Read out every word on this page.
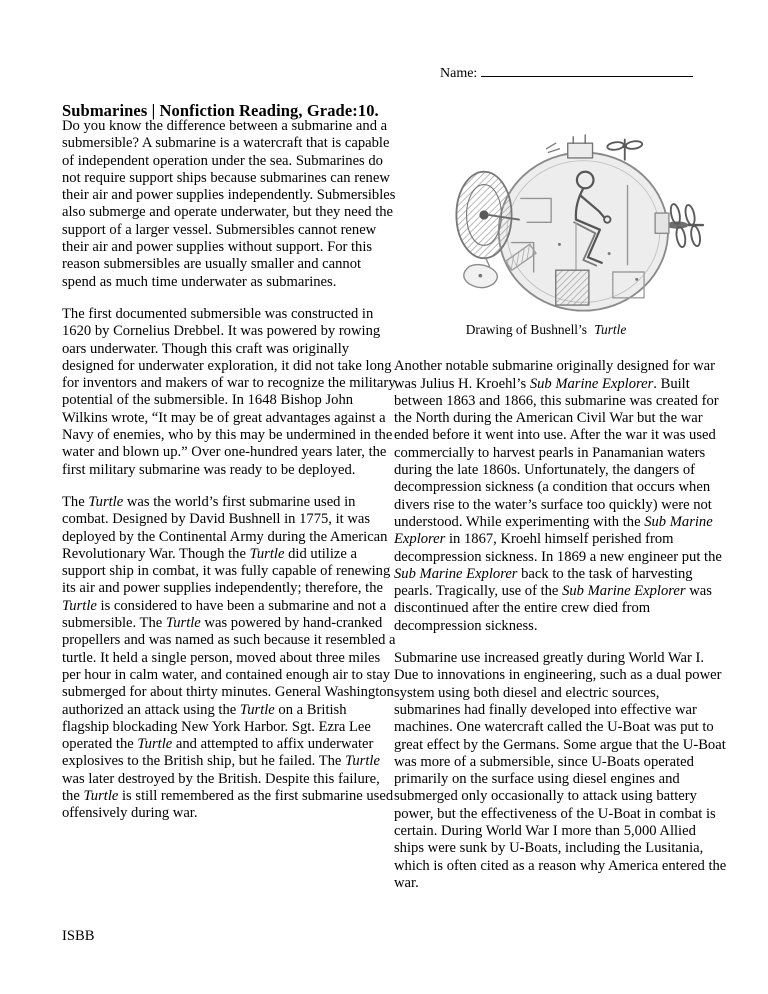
Name:
Submarines | Nonfiction Reading, Grade:10.

Do you know the difference between a submarine and a submersible? A submarine is a watercraft that is capable of independent operation under the sea. Submarines do not require support ships because submarines can renew their air and power supplies independently. Submersibles also submerge and operate underwater, but they need the support of a larger vessel. Submersibles cannot renew their air and power supplies without support. For this reason submersibles are usually smaller and cannot spend as much time underwater as submarines.

The first documented submersible was constructed in 1620 by Cornelius Drebbel. It was powered by rowing oars underwater. Though this craft was originally designed for underwater exploration, it did not take long for inventors and makers of war to recognize the military potential of the submersible. In 1648 Bishop John Wilkins wrote, “It may be of great advantages against a Navy of enemies, who by this may be undermined in the water and blown up.” Over one-hundred years later, the first military submarine was ready to be deployed.

The Turtle was the world’s first submarine used in combat. Designed by David Bushnell in 1775, it was deployed by the Continental Army during the American Revolutionary War. Though the Turtle did utilize a support ship in combat, it was fully capable of renewing its air and power supplies independently; therefore, the Turtle is considered to have been a submarine and not a submersible. The Turtle was powered by hand-cranked propellers and was named as such because it resembled a turtle. It held a single person, moved about three miles per hour in calm water, and contained enough air to stay submerged for about thirty minutes. General Washington authorized an attack using the Turtle on a British flagship blockading New York Harbor. Sgt. Ezra Lee operated the Turtle and attempted to affix underwater explosives to the British ship, but he failed. The Turtle was later destroyed by the British. Despite this failure, the Turtle is still remembered as the first submarine used offensively during war.

Drawing of Bushnell’s Turtle

Another notable submarine originally designed for war was Julius H. Kroehl’s Sub Marine Explorer. Built between 1863 and 1866, this submarine was created for the North during the American Civil War but the war ended before it went into use. After the war it was used commercially to harvest pearls in Panamanian waters during the late 1860s. Unfortunately, the dangers of decompression sickness (a condition that occurs when divers rise to the water’s surface too quickly) were not understood. While experimenting with the Sub Marine Explorer in 1867, Kroehl himself perished from decompression sickness. In 1869 a new engineer put the Sub Marine Explorer back to the task of harvesting pearls. Tragically, use of the Sub Marine Explorer was discontinued after the entire crew died from decompression sickness.

Submarine use increased greatly during World War I. Due to innovations in engineering, such as a dual power system using both diesel and electric sources, submarines had finally developed into effective war machines. One watercraft called the U-Boat was put to great effect by the Germans. Some argue that the U-Boat was more of a submersible, since U-Boats operated primarily on the surface using diesel engines and submerged only occasionally to attack using battery power, but the effectiveness of the U-Boat in combat is certain. During World War I more than 5,000 Allied ships were sunk by U-Boats, including the Lusitania, which is often cited as a reason why America entered the war.

ISBB
